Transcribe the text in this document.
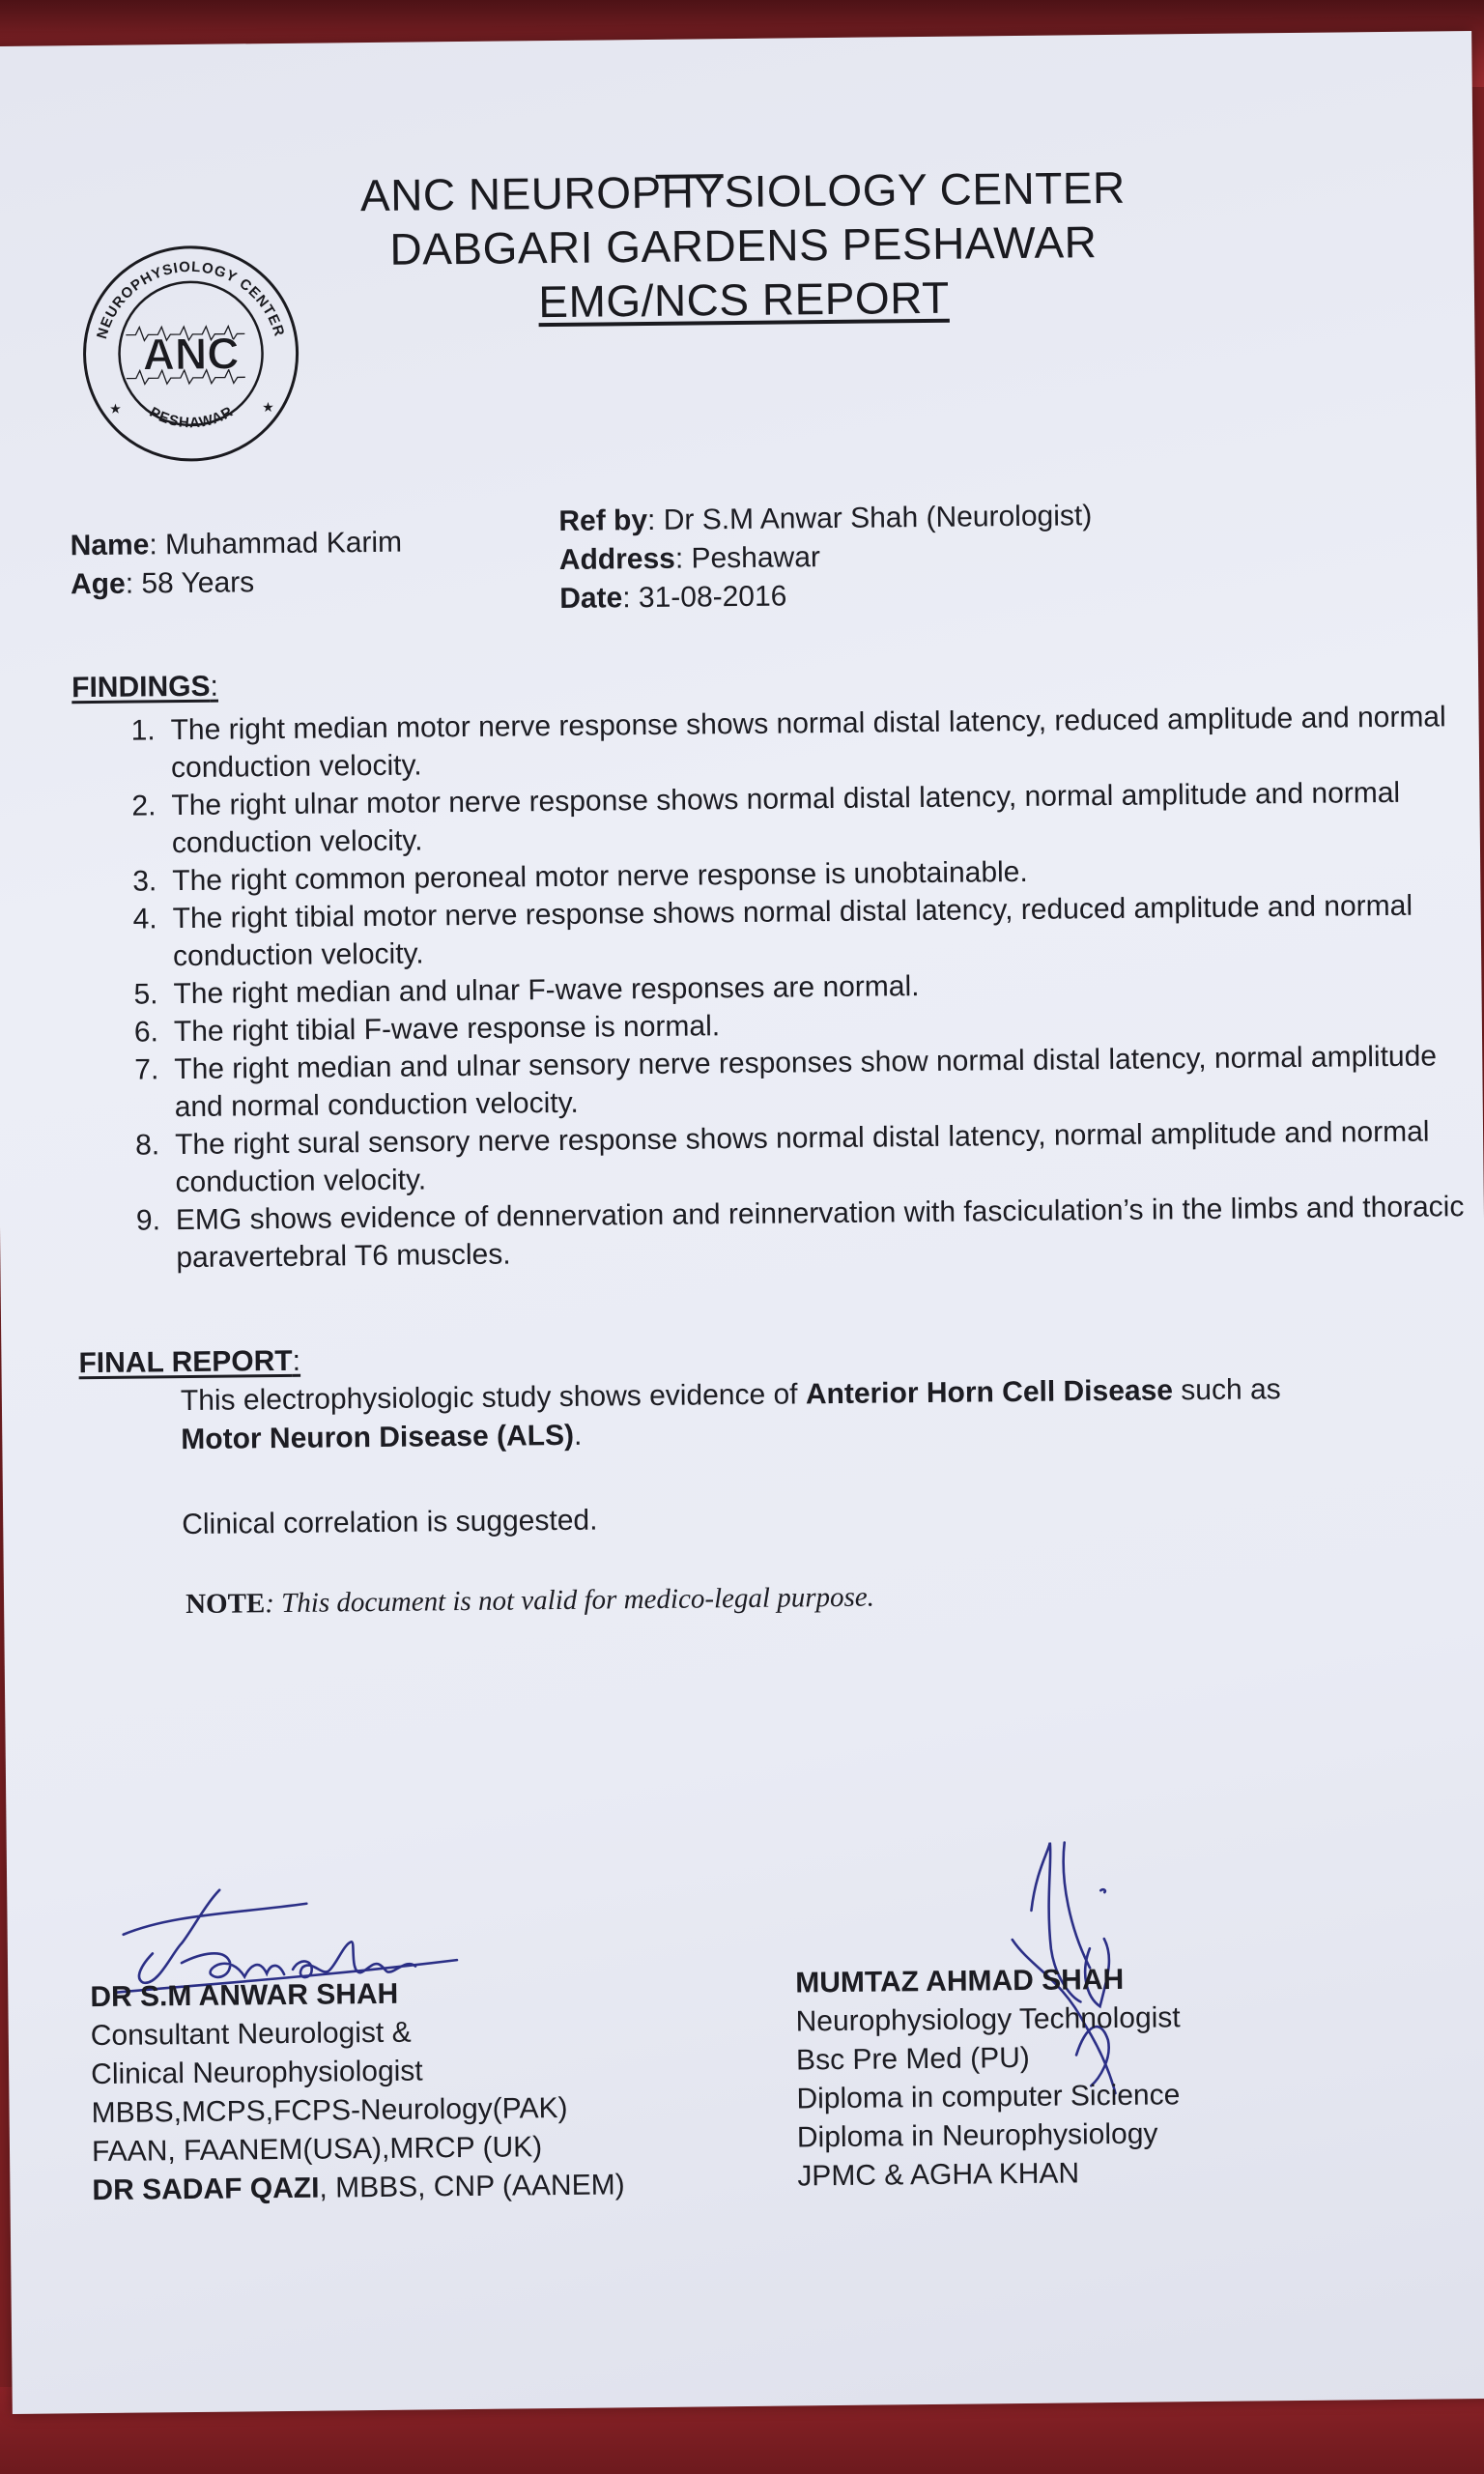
NEUROPHYSIOLOGY CENTER
PESHAWAR
★	★
ANC
ANC NEUROPHYSIOLOGY CENTER
DABGARI GARDENS PESHAWAR
EMG/NCS REPORT
Name: Muhammad Karim
Age: 58 Years
Ref by: Dr S.M Anwar Shah (Neurologist)
Address: Peshawar
Date: 31-08-2016
FINDINGS:
1. The right median motor nerve response shows normal distal latency, reduced amplitude and normal conduction velocity.
2. The right ulnar motor nerve response shows normal distal latency, normal amplitude and normal conduction velocity.
3. The right common peroneal motor nerve response is unobtainable.
4. The right tibial motor nerve response shows normal distal latency, reduced amplitude and normal conduction velocity.
5. The right median and ulnar F-wave responses are normal.
6. The right tibial F-wave response is normal.
7. The right median and ulnar sensory nerve responses show normal distal latency, normal amplitude and normal conduction velocity.
8. The right sural sensory nerve response shows normal distal latency, normal amplitude and normal conduction velocity.
9. EMG shows evidence of dennervation and reinnervation with fasciculation’s in the limbs and thoracic paravertebral T6 muscles.
FINAL REPORT:
This electrophysiologic study shows evidence of Anterior Horn Cell Disease such as
Motor Neuron Disease (ALS).
Clinical correlation is suggested.
NOTE: This document is not valid for medico-legal purpose.
DR S.M ANWAR SHAH
Consultant Neurologist &
Clinical Neurophysiologist
MBBS,MCPS,FCPS-Neurology(PAK)
FAAN, FAANEM(USA),MRCP (UK)
DR SADAF QAZI, MBBS, CNP (AANEM)
MUMTAZ AHMAD SHAH
Neurophysiology Technologist
Bsc Pre Med (PU)
Diploma in computer Sicience
Diploma in Neurophysiology
JPMC & AGHA KHAN
